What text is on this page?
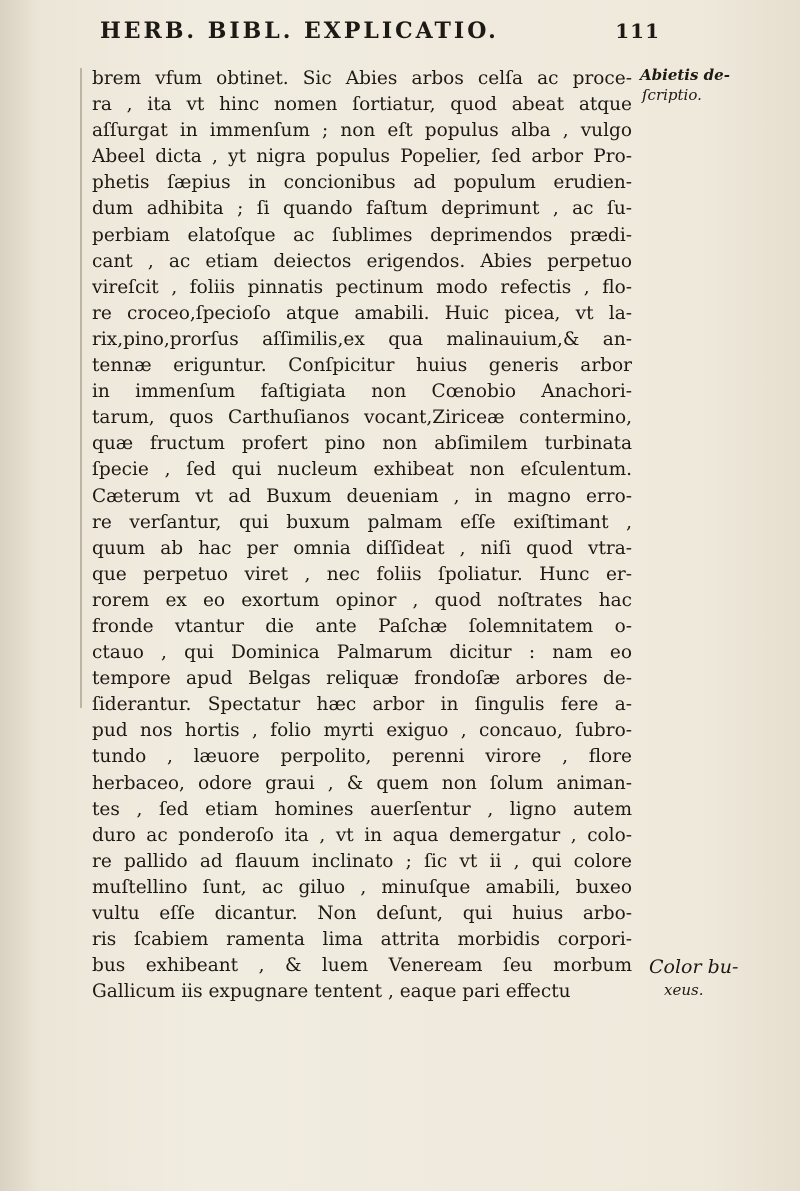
HERB. BIBL. EXPLICATIO.	111
brem vfum obtinet. Sic Abies arbos celſa ac proce-
ra , ita vt hinc nomen ſortiatur, quod abeat atque
aſſurgat in immenſum ; non eſt populus alba , vulgo
Abeel dicta , yt nigra populus Popelier, ſed arbor Pro-
phetis ſæpius in concionibus ad populum erudien-
dum adhibita ; ſi quando faſtum deprimunt , ac ſu-
perbiam elatoſque ac ſublimes deprimendos prædi-
cant , ac etiam deiectos erigendos. Abies perpetuo
vireſcit , foliis pinnatis pectinum modo refectis , flo-
re croceo,ſpecioſo atque amabili. Huic picea, vt la-
rix,pino,prorſus aſſimilis,ex qua malinauium,& an-
tennæ eriguntur. Conſpicitur huius generis arbor
in immenſum faſtigiata non Cœnobio Anachori-
tarum, quos Carthuſianos vocant,Ziriceæ contermino,
quæ fructum profert pino non abſimilem turbinata
ſpecie , ſed qui nucleum exhibeat non eſculentum.
Cæterum vt ad Buxum deueniam , in magno erro-
re verſantur, qui buxum palmam eſſe exiſtimant ,
quum ab hac per omnia diſſideat , niſi quod vtra-
que perpetuo viret , nec foliis ſpoliatur. Hunc er-
rorem ex eo exortum opinor , quod noſtrates hac
fronde vtantur die ante Paſchæ ſolemnitatem o-
ctauo , qui Dominica Palmarum dicitur : nam eo
tempore apud Belgas reliquæ frondoſæ arbores de-
ſiderantur. Spectatur hæc arbor in ſingulis fere a-
pud nos hortis , folio myrti exiguo , concauo, ſubro-
tundo , læuore perpolito, perenni virore , flore
herbaceo, odore graui , & quem non ſolum animan-
tes , ſed etiam homines auerſentur , ligno autem
duro ac ponderoſo ita , vt in aqua demergatur , colo-
re pallido ad flauum inclinato ; ſic vt ii , qui colore
muſtellino ſunt, ac giluo , minuſque amabili, buxeo
vultu eſſe dicantur. Non deſunt, qui huius arbo-
ris ſcabiem ramenta lima attrita morbidis corpori-
bus exhibeant , & luem Veneream ſeu morbum
Gallicum iis expugnare tentent , eaque pari effectu
Abietis de-
ſcriptio.
Color bu-
xeus.
